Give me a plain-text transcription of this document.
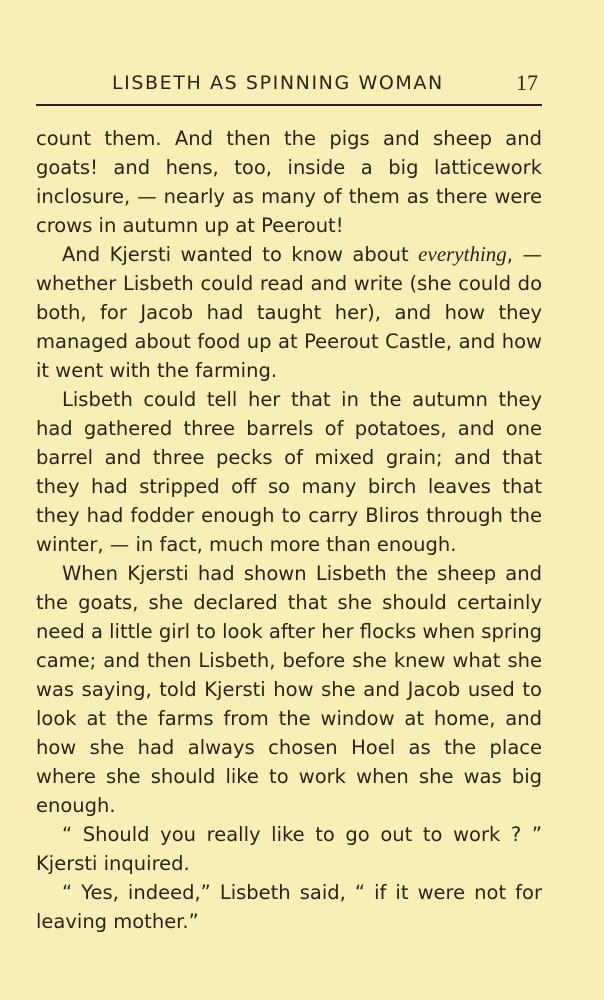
LISBETH AS SPINNING WOMAN	17

count them. And then the pigs and sheep and goats! and hens, too, inside a big latticework inclosure, — nearly as many of them as there were crows in autumn up at Peerout!

And Kjersti wanted to know about everything, — whether Lisbeth could read and write (she could do both, for Jacob had taught her), and how they managed about food up at Peerout Castle, and how it went with the farming.

Lisbeth could tell her that in the autumn they had gathered three barrels of potatoes, and one barrel and three pecks of mixed grain; and that they had stripped off so many birch leaves that they had fodder enough to carry Bliros through the winter, — in fact, much more than enough.

When Kjersti had shown Lisbeth the sheep and the goats, she declared that she should certainly need a little girl to look after her flocks when spring came; and then Lisbeth, before she knew what she was saying, told Kjersti how she and Jacob used to look at the farms from the window at home, and how she had always chosen Hoel as the place where she should like to work when she was big enough.

“ Should you really like to go out to work ? ” Kjersti inquired.

“ Yes, indeed,” Lisbeth said, “ if it were not for leaving mother.”
